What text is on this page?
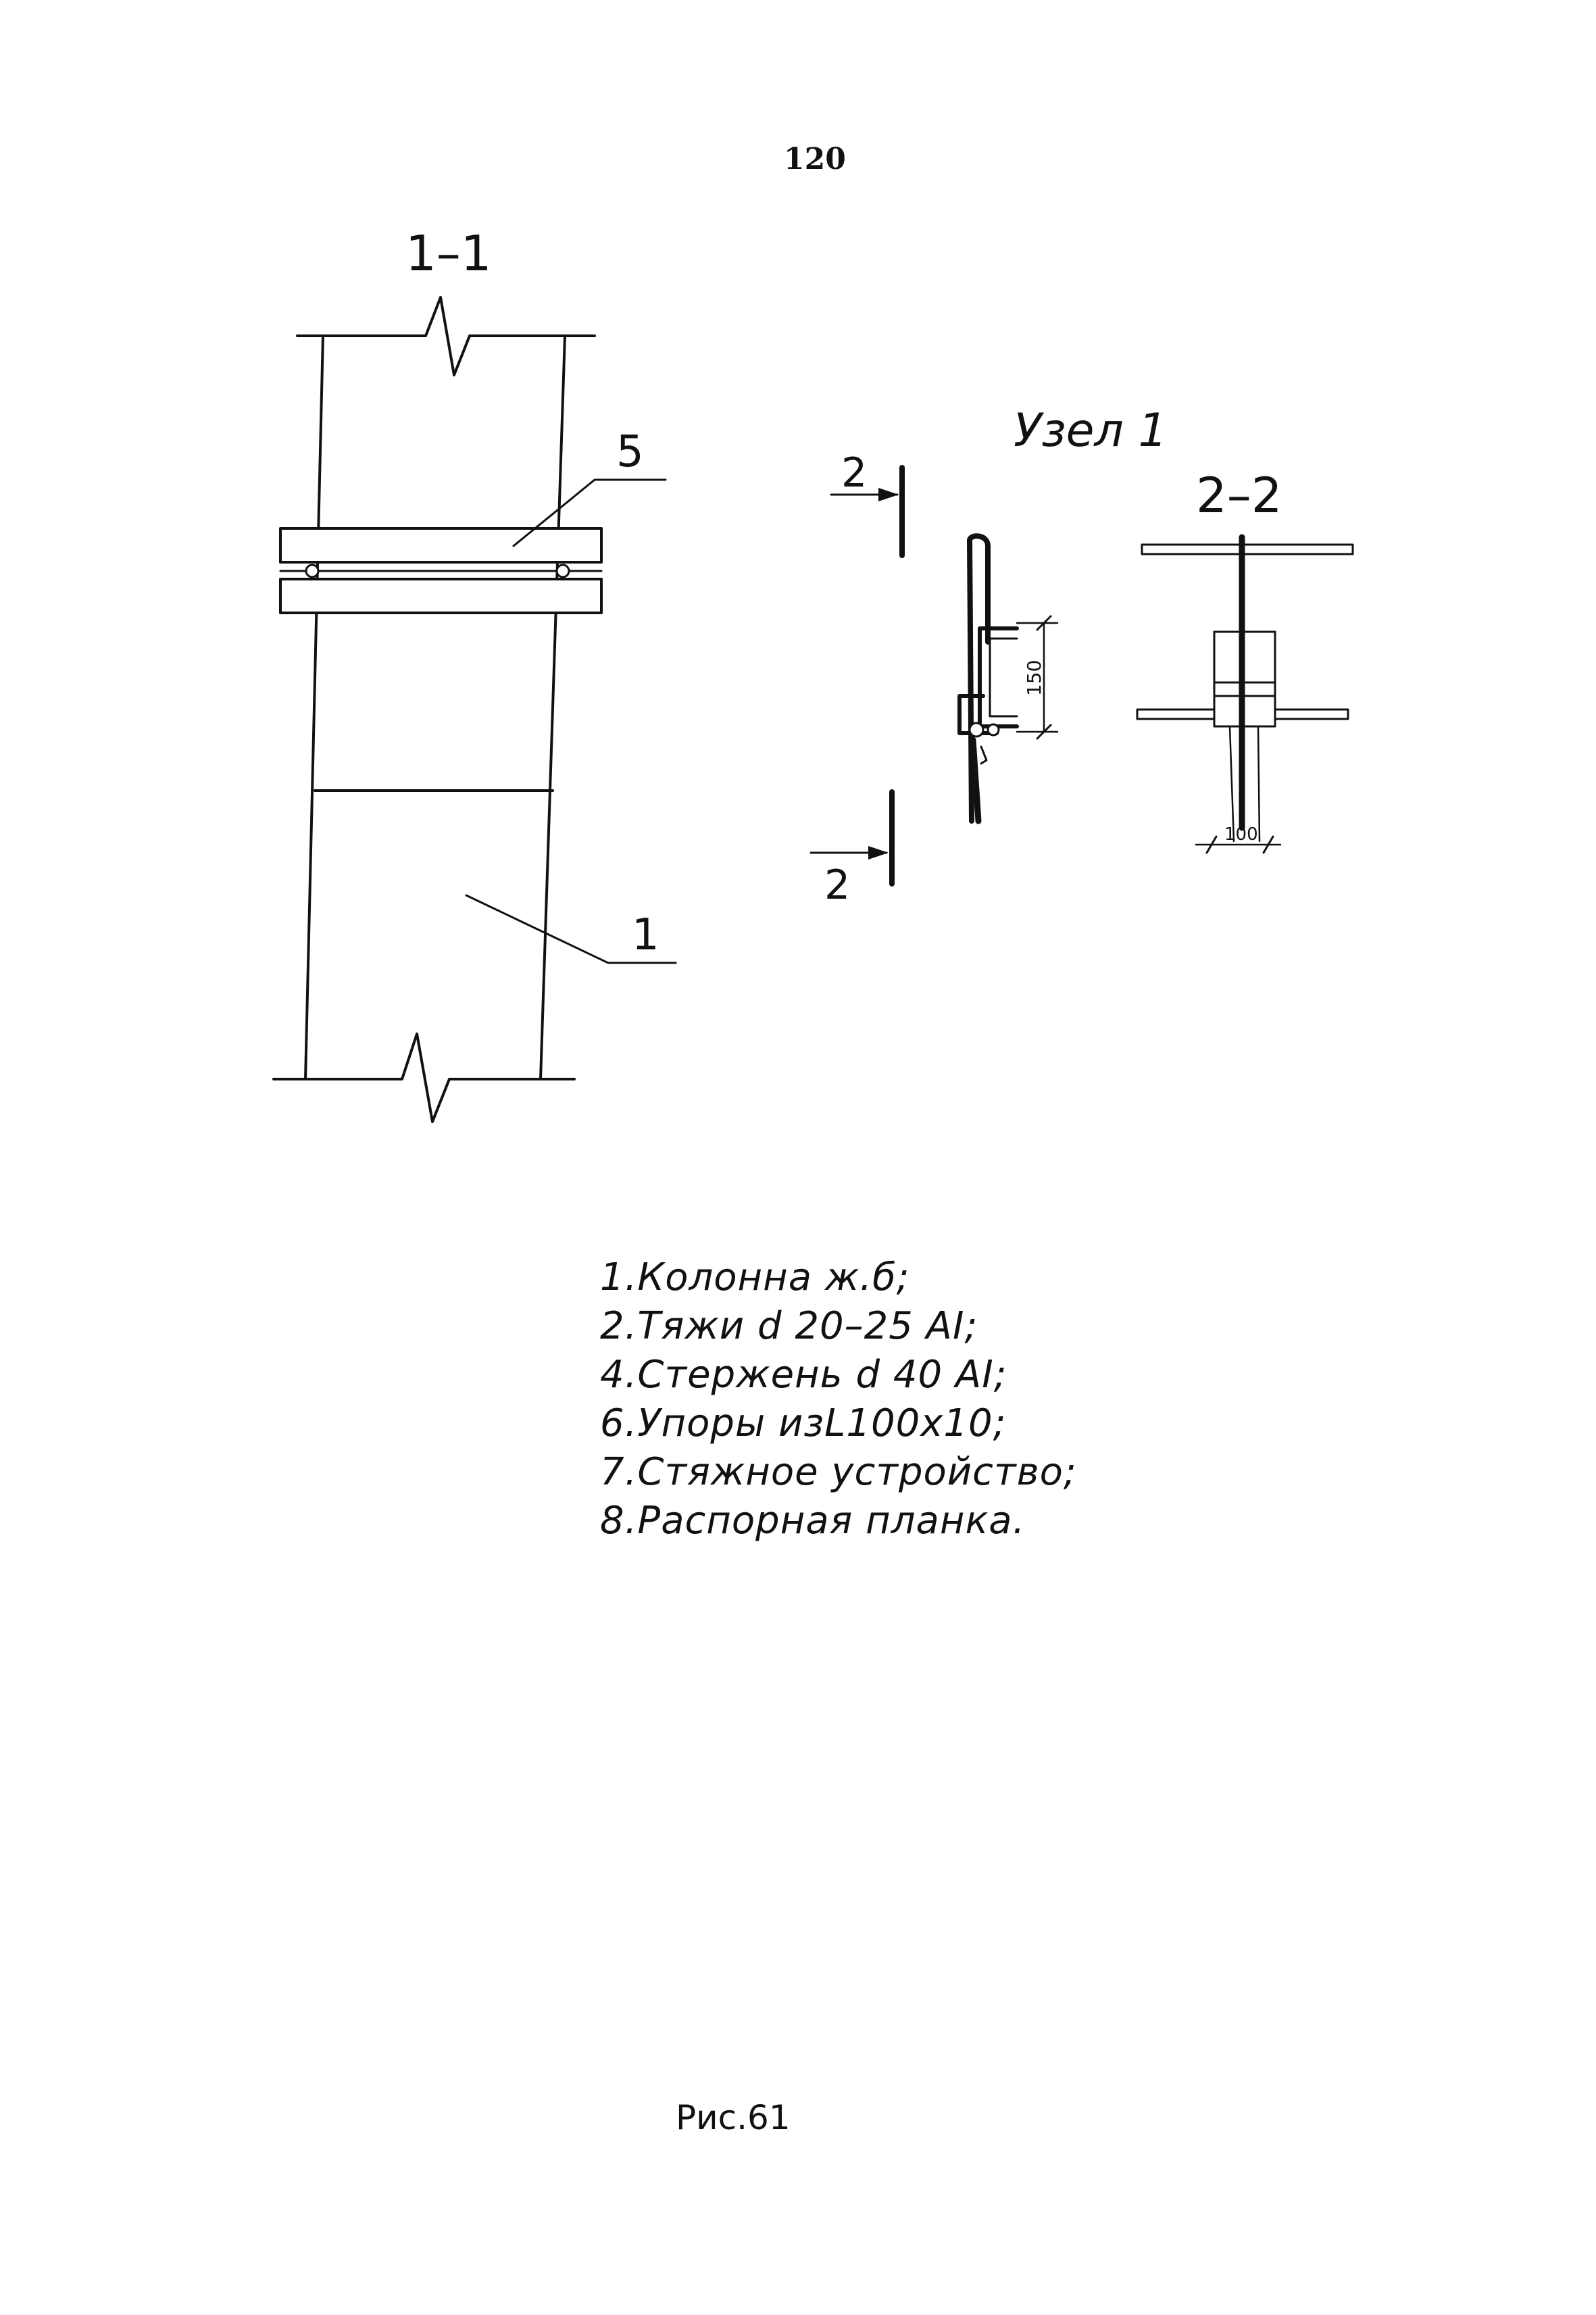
120
1–1
5
1
Узел 1
2
2
150
2–2
100
1.Колонна ж.б;
2.Тяжи d 20–25 AI;
4.Стержень d 40 AI;
6.Упоры изL100х10;
7.Стяжное устройство;
8.Распорная планка.
Рис.61
